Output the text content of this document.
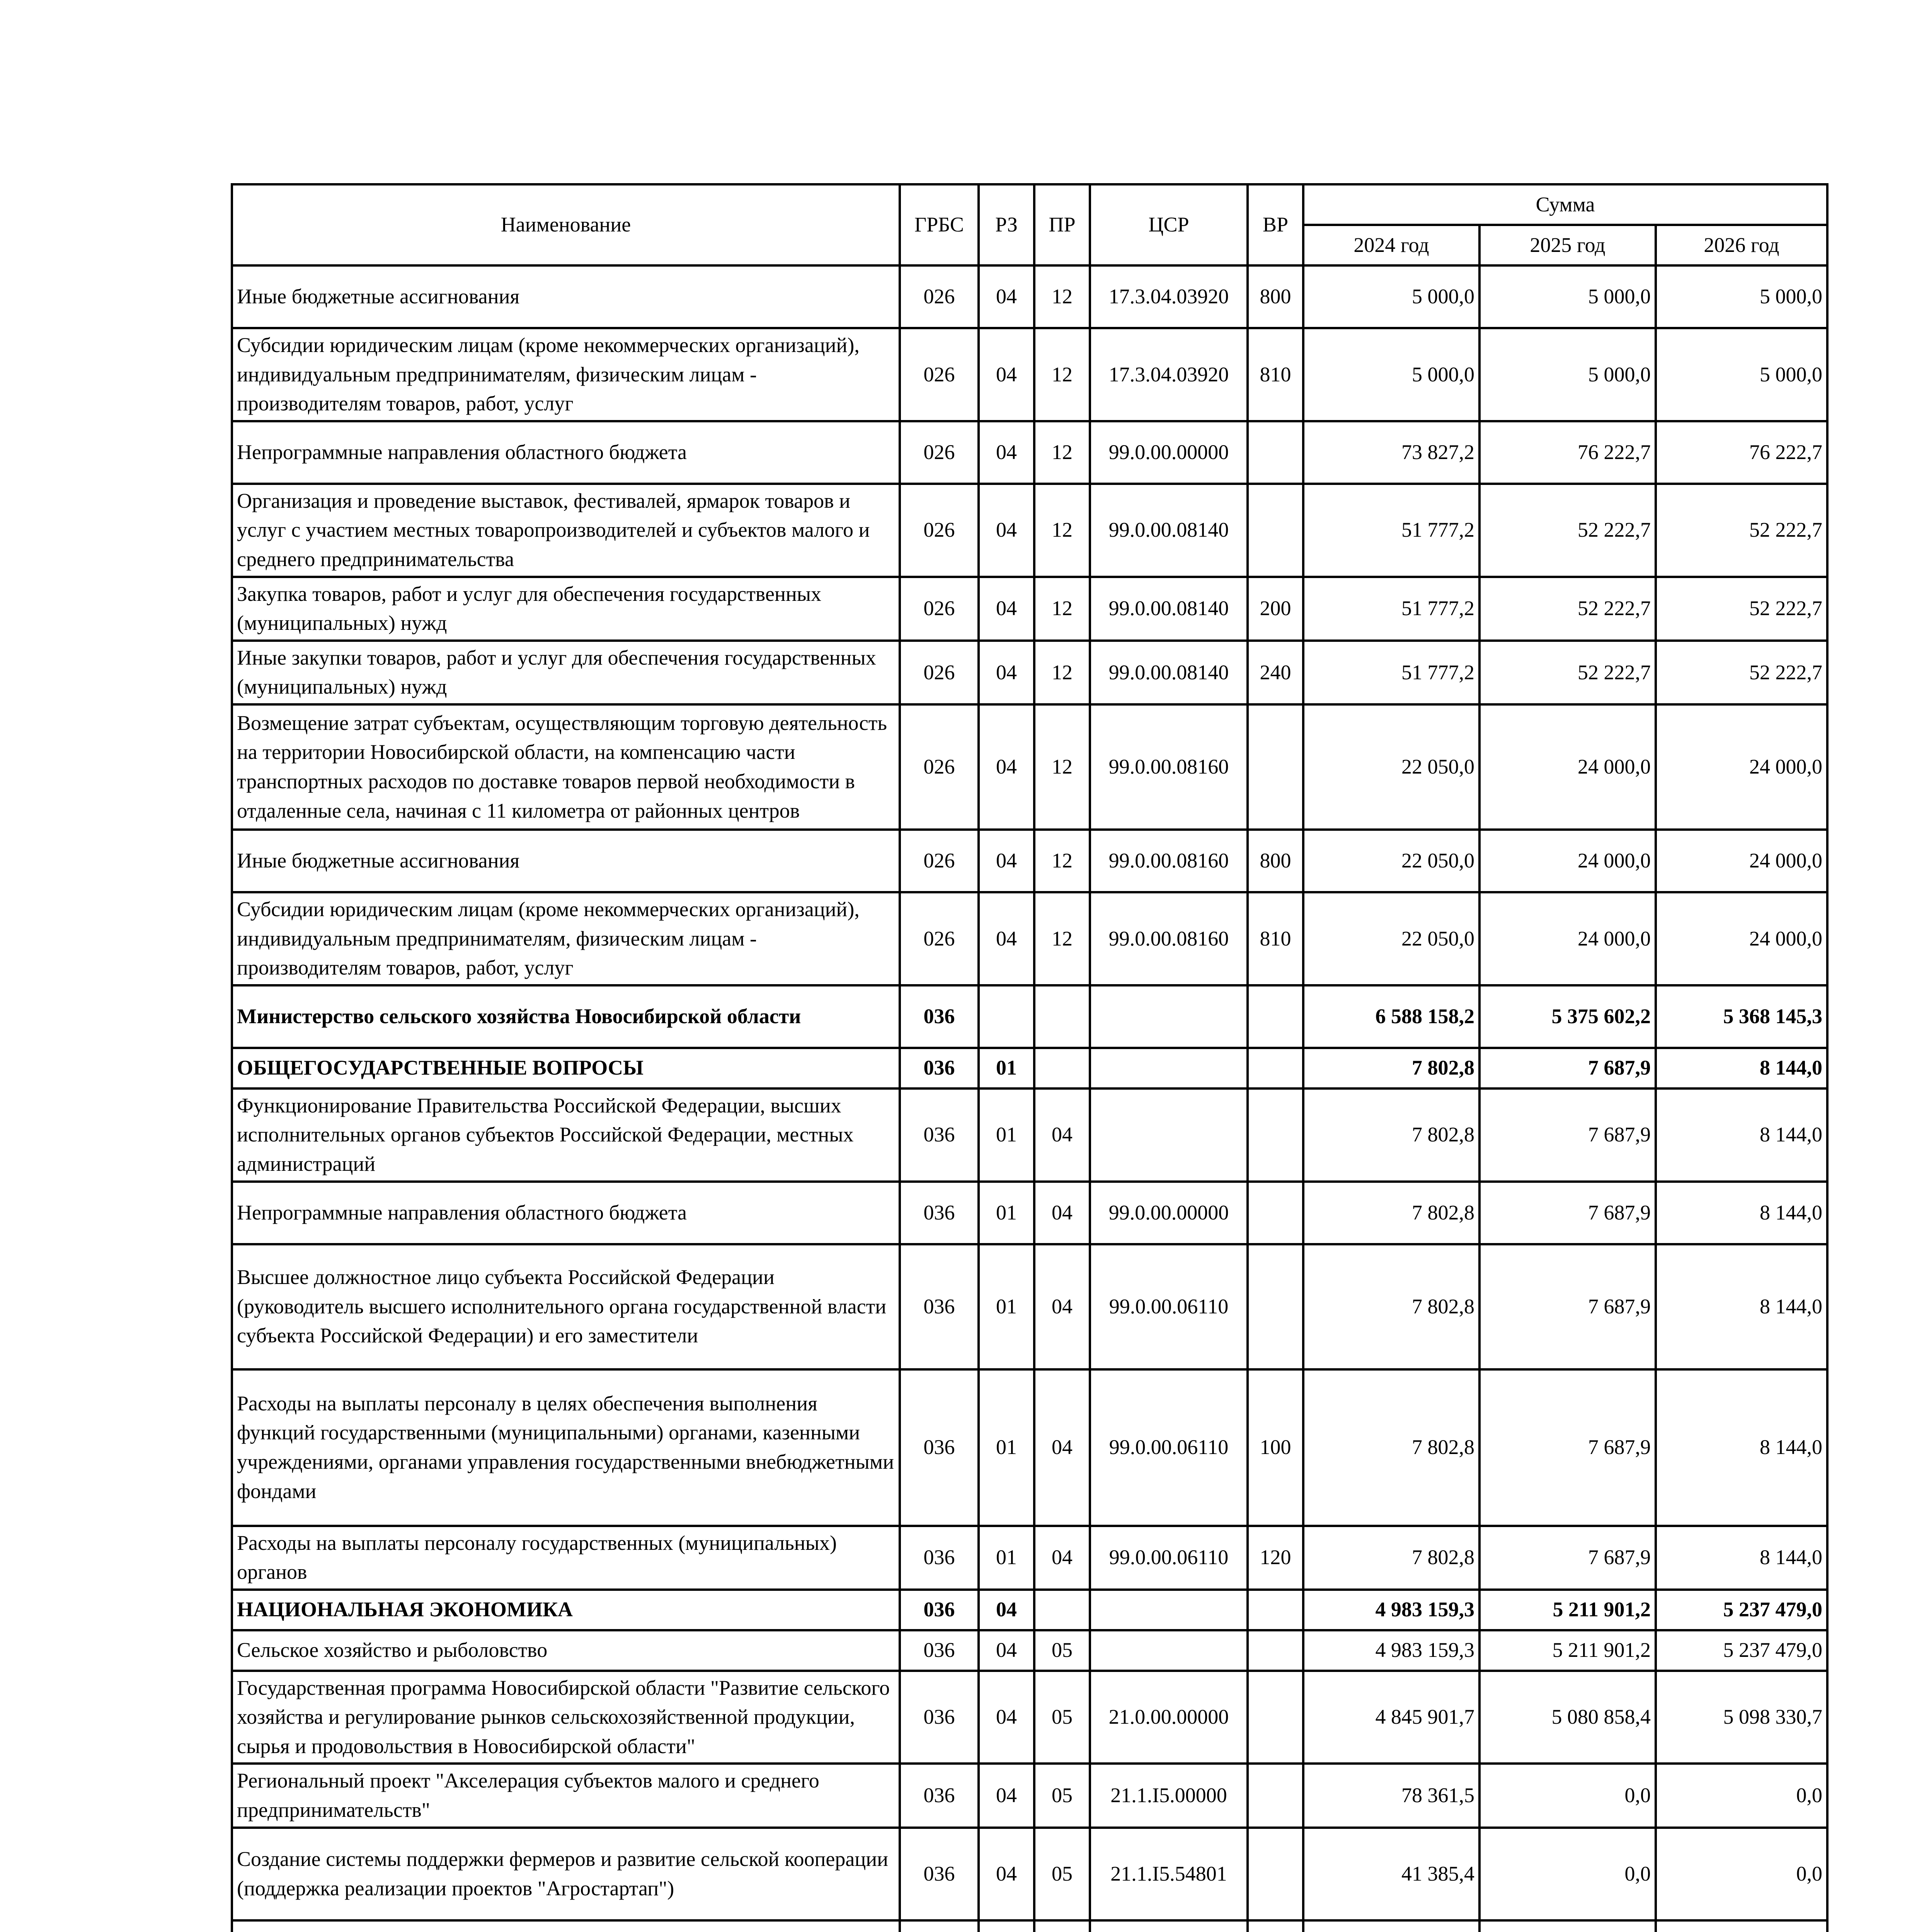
Наименование	ГРБС	РЗ	ПР	ЦСР	ВР	Сумма		
						2024 год	2025 год	2026 год
Иные бюджетные ассигнования	026	04	12	17.3.04.03920	800	5 000,0	5 000,0	5 000,0
Субсидии юридическим лицам (кроме некоммерческих организаций), индивидуальным предпринимателям, физическим лицам - производителям товаров, работ, услуг	026	04	12	17.3.04.03920	810	5 000,0	5 000,0	5 000,0
Непрограммные направления областного бюджета	026	04	12	99.0.00.00000		73 827,2	76 222,7	76 222,7
Организация и проведение выставок, фестивалей, ярмарок товаров и услуг с участием местных товаропроизводителей и субъектов малого и среднего предпринимательства	026	04	12	99.0.00.08140		51 777,2	52 222,7	52 222,7
Закупка товаров, работ и услуг для обеспечения государственных (муниципальных) нужд	026	04	12	99.0.00.08140	200	51 777,2	52 222,7	52 222,7
Иные закупки товаров, работ и услуг для обеспечения государственных (муниципальных) нужд	026	04	12	99.0.00.08140	240	51 777,2	52 222,7	52 222,7
Возмещение затрат субъектам, осуществляющим торговую деятельность на территории Новосибирской области, на компенсацию части транспортных расходов по доставке товаров первой необходимости в отдаленные села, начиная с 11 километра от районных центров	026	04	12	99.0.00.08160		22 050,0	24 000,0	24 000,0
Иные бюджетные ассигнования	026	04	12	99.0.00.08160	800	22 050,0	24 000,0	24 000,0
Субсидии юридическим лицам (кроме некоммерческих организаций), индивидуальным предпринимателям, физическим лицам - производителям товаров, работ, услуг	026	04	12	99.0.00.08160	810	22 050,0	24 000,0	24 000,0
Министерство сельского хозяйства Новосибирской области	036					6 588 158,2	5 375 602,2	5 368 145,3
ОБЩЕГОСУДАРСТВЕННЫЕ ВОПРОСЫ	036	01				7 802,8	7 687,9	8 144,0
Функционирование Правительства Российской Федерации, высших исполнительных органов субъектов Российской Федерации, местных администраций	036	01	04			7 802,8	7 687,9	8 144,0
Непрограммные направления областного бюджета	036	01	04	99.0.00.00000		7 802,8	7 687,9	8 144,0
Высшее должностное лицо субъекта Российской Федерации (руководитель высшего исполнительного органа государственной власти субъекта Российской Федерации) и его заместители	036	01	04	99.0.00.06110		7 802,8	7 687,9	8 144,0
Расходы на выплаты персоналу в целях обеспечения выполнения функций государственными (муниципальными) органами, казенными учреждениями, органами управления государственными внебюджетными фондами	036	01	04	99.0.00.06110	100	7 802,8	7 687,9	8 144,0
Расходы на выплаты персоналу государственных (муниципальных) органов	036	01	04	99.0.00.06110	120	7 802,8	7 687,9	8 144,0
НАЦИОНАЛЬНАЯ ЭКОНОМИКА	036	04				4 983 159,3	5 211 901,2	5 237 479,0
Сельское хозяйство и рыболовство	036	04	05			4 983 159,3	5 211 901,2	5 237 479,0
Государственная программа Новосибирской области "Развитие сельского хозяйства и регулирование рынков сельскохозяйственной продукции, сырья и продовольствия в Новосибирской области"	036	04	05	21.0.00.00000		4 845 901,7	5 080 858,4	5 098 330,7
Региональный проект "Акселерация субъектов малого и среднего предпринимательств"	036	04	05	21.1.I5.00000		78 361,5	0,0	0,0
Создание системы поддержки фермеров и развитие сельской кооперации (поддержка реализации проектов "Агростартап")	036	04	05	21.1.I5.54801		41 385,4	0,0	0,0
